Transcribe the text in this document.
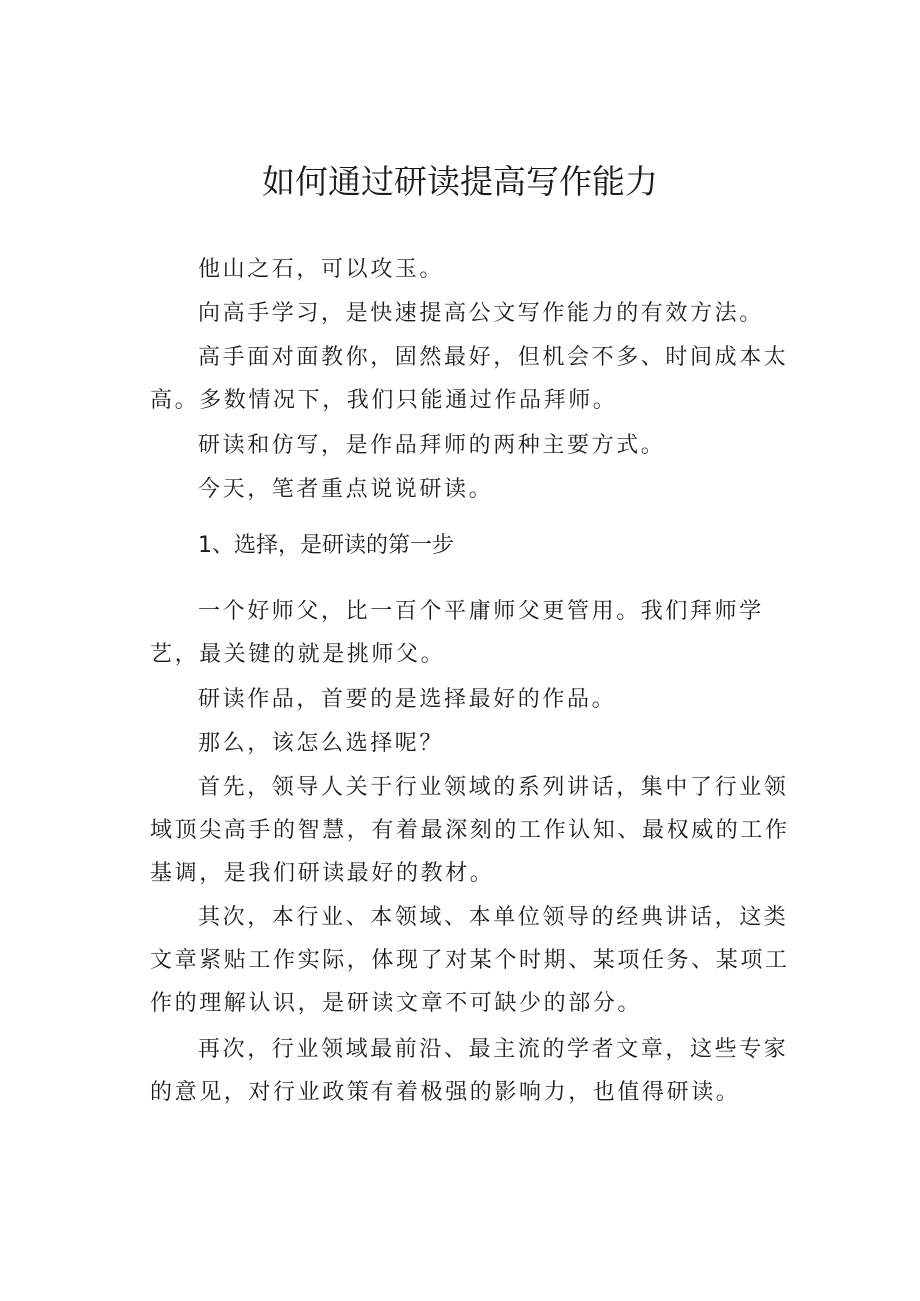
如何通过研读提高写作能力

他山之石，可以攻玉。

向高手学习，是快速提高公文写作能力的有效方法。

高手面对面教你，固然最好，但机会不多、时间成本太高。多数情况下，我们只能通过作品拜师。

研读和仿写，是作品拜师的两种主要方式。

今天，笔者重点说说研读。

1、选择，是研读的第一步

一个好师父，比一百个平庸师父更管用。我们拜师学艺，最关键的就是挑师父。

研读作品，首要的是选择最好的作品。

那么，该怎么选择呢？

首先，领导人关于行业领域的系列讲话，集中了行业领域顶尖高手的智慧，有着最深刻的工作认知、最权威的工作基调，是我们研读最好的教材。

其次，本行业、本领域、本单位领导的经典讲话，这类文章紧贴工作实际，体现了对某个时期、某项任务、某项工作的理解认识，是研读文章不可缺少的部分。

再次，行业领域最前沿、最主流的学者文章，这些专家的意见，对行业政策有着极强的影响力，也值得研读。
